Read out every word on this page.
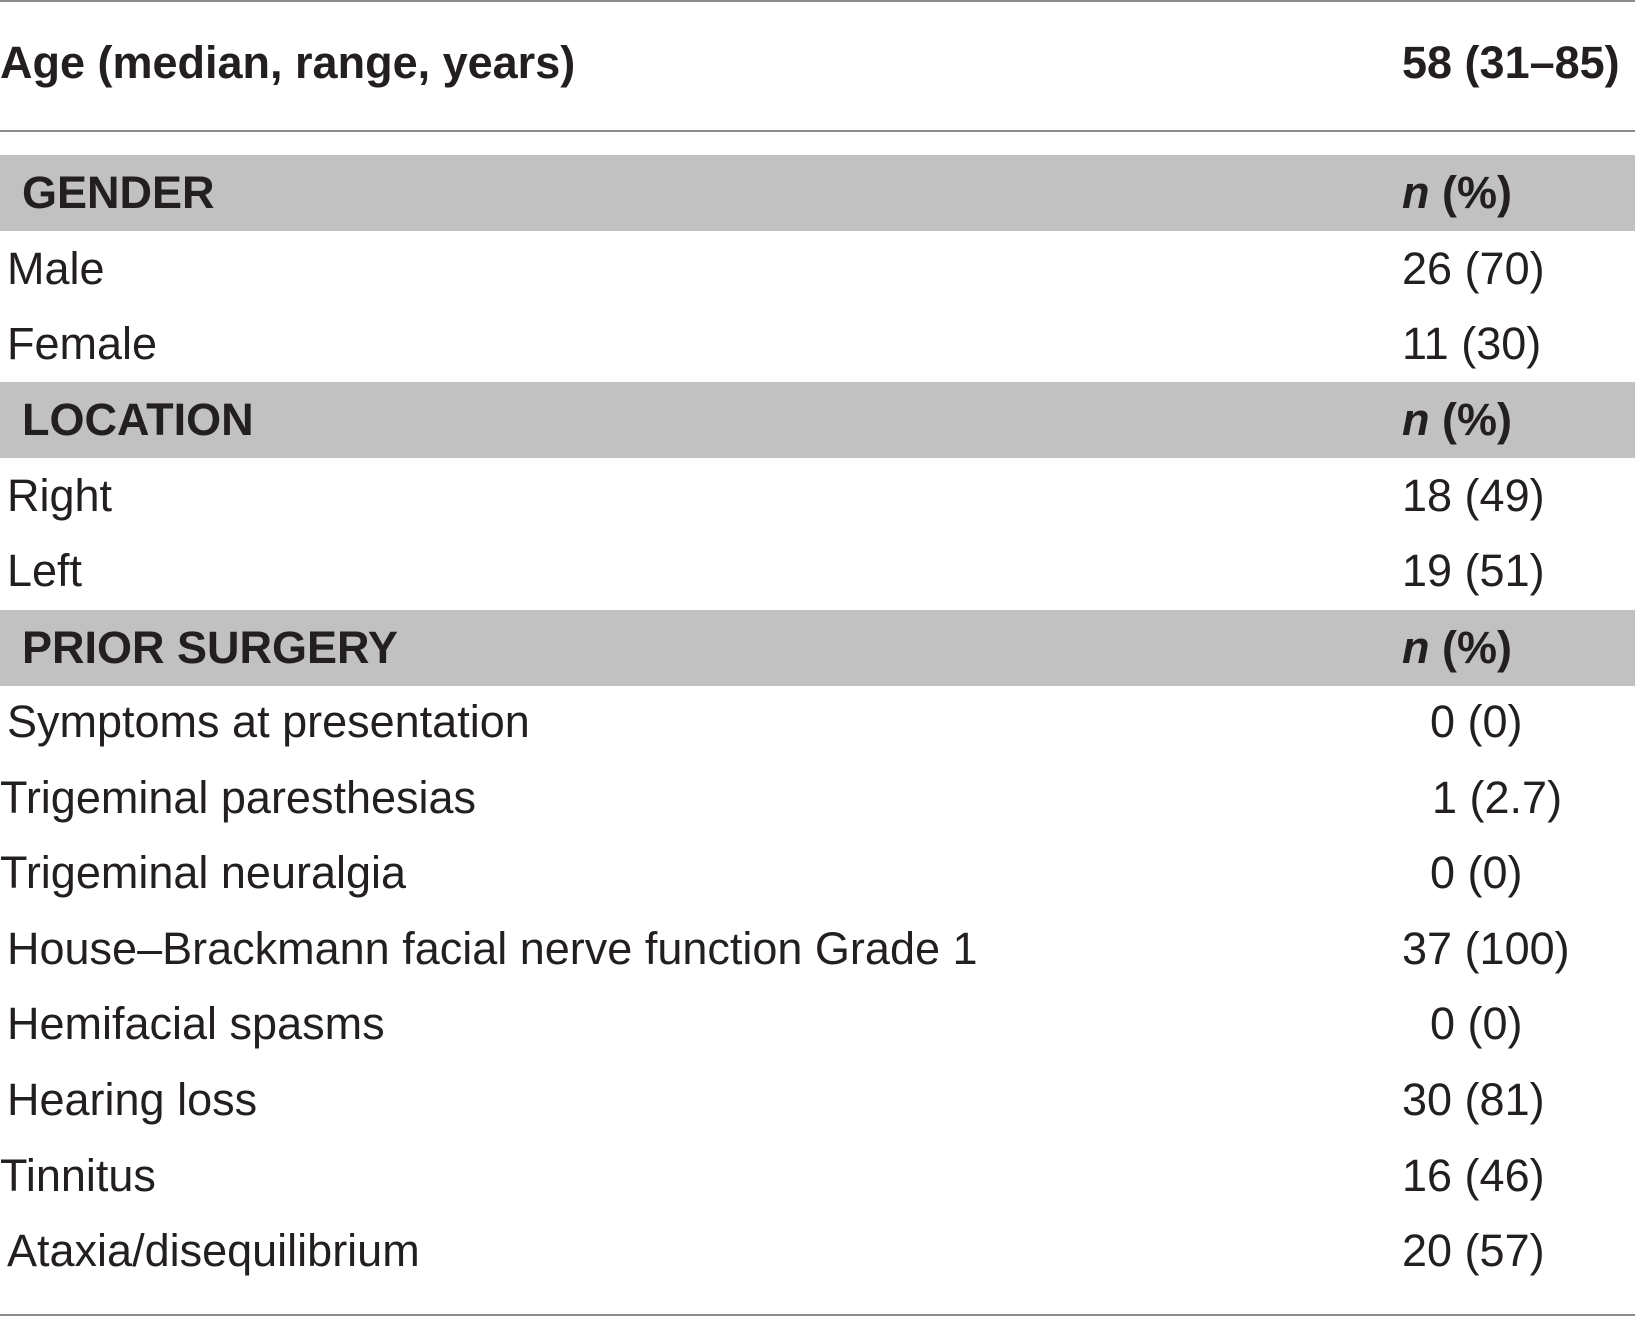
Age (median, range, years)	58 (31–85)
GENDER	n (%)
Male	26 (70)
Female	11 (30)
LOCATION	n (%)
Right	18 (49)
Left	19 (51)
PRIOR SURGERY	n (%)
Symptoms at presentation	0 (0)
Trigeminal paresthesias	1 (2.7)
Trigeminal neuralgia	0 (0)
House–Brackmann facial nerve function Grade 1	37 (100)
Hemifacial spasms	0 (0)
Hearing loss	30 (81)
Tinnitus	16 (46)
Ataxia/disequilibrium	20 (57)
